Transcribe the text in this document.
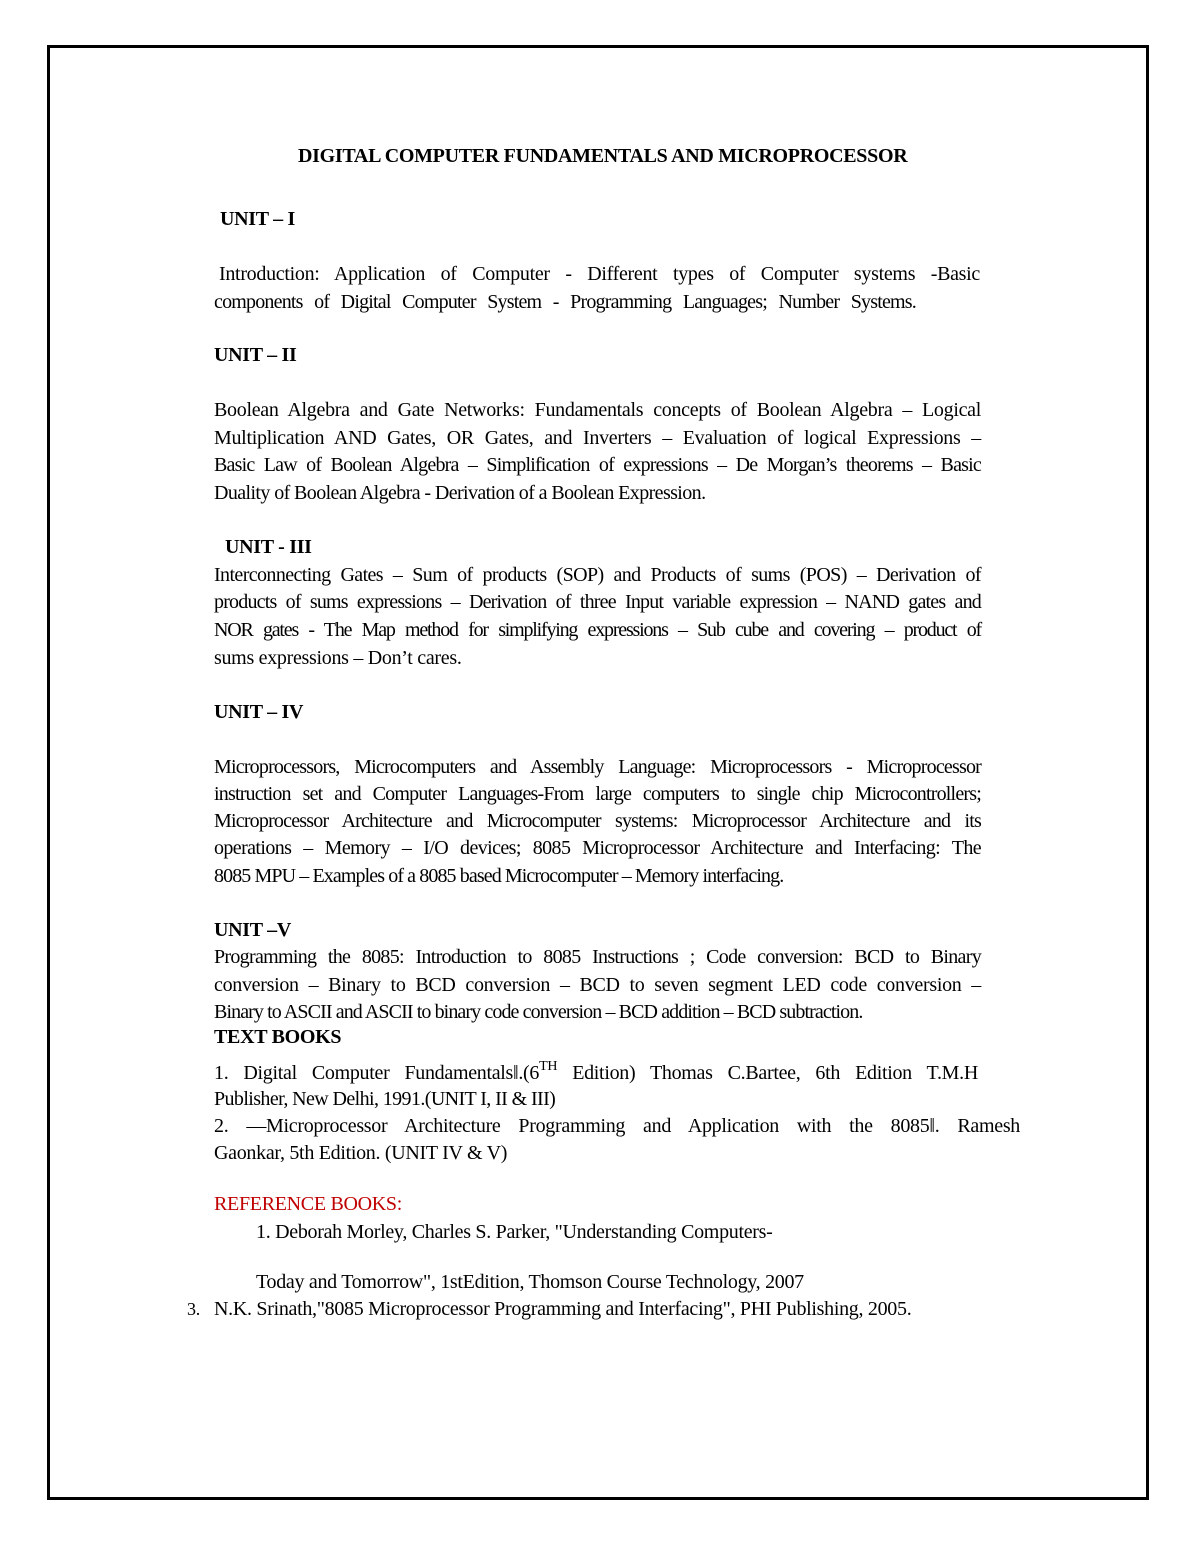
DIGITAL COMPUTER FUNDAMENTALS AND MICROPROCESSOR
UNIT – I
Introduction: Application of Computer - Different types of Computer systems -Basic
components of Digital Computer System - Programming Languages; Number Systems.
UNIT – II
Boolean Algebra and Gate Networks: Fundamentals concepts of Boolean Algebra – Logical
Multiplication AND Gates, OR Gates, and Inverters – Evaluation of logical Expressions –
Basic Law of Boolean Algebra – Simplification of expressions – De Morgan’s theorems – Basic
Duality of Boolean Algebra - Derivation of a Boolean Expression.
UNIT - III
Interconnecting Gates – Sum of products (SOP) and Products of sums (POS) – Derivation of
products of sums expressions – Derivation of three Input variable expression – NAND gates and
NOR gates - The Map method for simplifying expressions – Sub cube and covering – product of
sums expressions – Don’t cares.
UNIT – IV
Microprocessors, Microcomputers and Assembly Language: Microprocessors - Microprocessor
instruction set and Computer Languages-From large computers to single chip Microcontrollers;
Microprocessor Architecture and Microcomputer systems: Microprocessor Architecture and its
operations – Memory – I/O devices; 8085 Microprocessor Architecture and Interfacing: The
8085 MPU – Examples of a 8085 based Microcomputer – Memory interfacing.
UNIT –V
Programming the 8085: Introduction to 8085 Instructions ; Code conversion: BCD to Binary
conversion – Binary to BCD conversion – BCD to seven segment LED code conversion –
Binary to ASCII and ASCII to binary code conversion – BCD addition – BCD subtraction.
TEXT BOOKS
1. Digital Computer Fundamentals‖.(6TH Edition) Thomas C.Bartee, 6th Edition T.M.H
Publisher, New Delhi, 1991.(UNIT I, II & III)
2. —Microprocessor Architecture Programming and Application with the 8085‖. Ramesh
Gaonkar, 5th Edition. (UNIT IV & V)
REFERENCE BOOKS:
1. Deborah Morley, Charles S. Parker, "Understanding Computers-
Today and Tomorrow", 1stEdition, Thomson Course Technology, 2007
3. N.K. Srinath,"8085 Microprocessor Programming and Interfacing", PHI Publishing, 2005.
